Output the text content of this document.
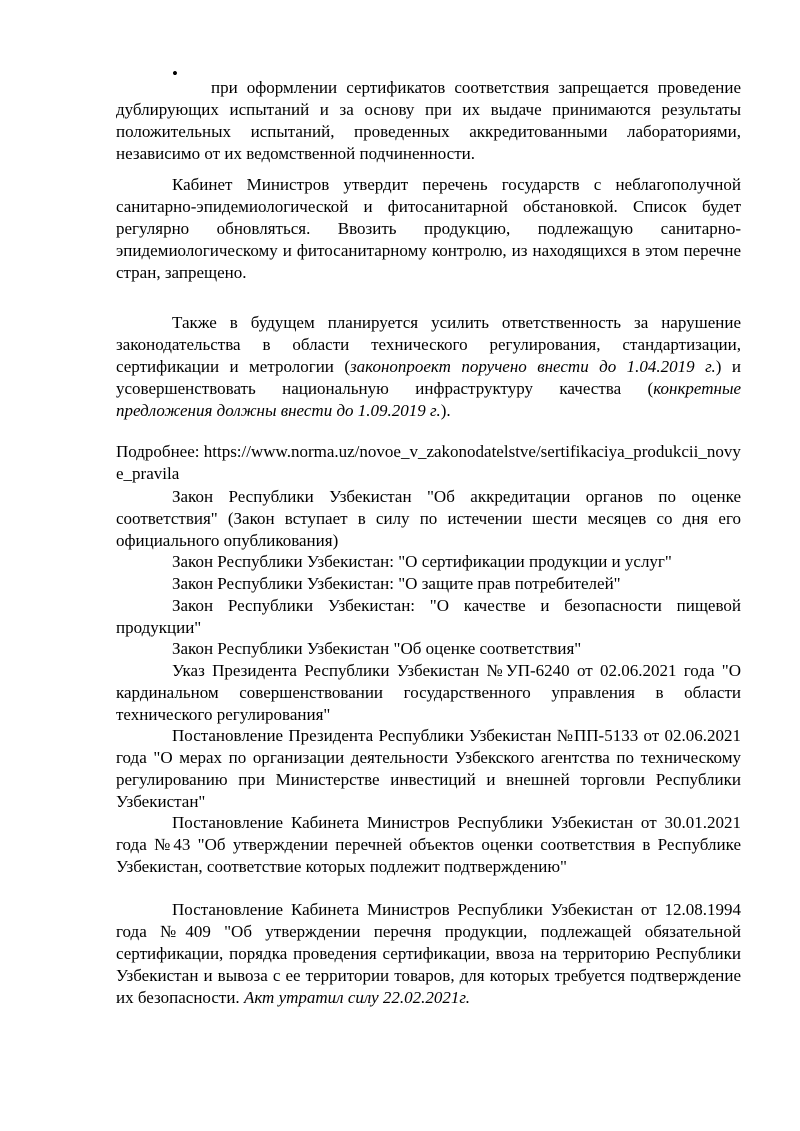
•

при оформлении сертификатов соответствия запрещается проведение дублирующих испытаний и за основу при их выдаче принимаются результаты положительных испытаний, проведенных аккредитованными лабораториями, независимо от их ведомственной подчиненности.

Кабинет Министров утвердит перечень государств с неблагополучной санитарно-эпидемиологической и фитосанитарной обстановкой. Список будет регулярно обновляться. Ввозить продукцию, подлежащую санитарно-эпидемиологическому и фитосанитарному контролю, из находящихся в этом перечне стран, запрещено.

Также в будущем планируется усилить ответственность за нарушение законодательства в области технического регулирования, стандартизации, сертификации и метрологии (законопроект поручено внести до 1.04.2019 г.) и усовершенствовать национальную инфраструктуру качества (конкретные предложения должны внести до 1.09.2019 г.).

Подробнее: https://www.norma.uz/novoe_v_zakonodatelstve/sertifikaciya_produkcii_novye_pravila

Закон Республики Узбекистан "Об аккредитации органов по оценке соответствия" (Закон вступает в силу по истечении шести месяцев со дня его официального опубликования)

Закон Республики Узбекистан: "О сертификации продукции и услуг"

Закон Республики Узбекистан: "О защите прав потребителей"

Закон Республики Узбекистан: "О качестве и безопасности пищевой продукции"

Закон Республики Узбекистан "Об оценке соответствия"

Указ Президента Республики Узбекистан №УП-6240 от 02.06.2021 года "О кардинальном совершенствовании государственного управления в области технического регулирования"

Постановление Президента Республики Узбекистан №ПП-5133 от 02.06.2021 года "О мерах по организации деятельности Узбекского агентства по техническому регулированию при Министерстве инвестиций и внешней торговли Республики Узбекистан"

Постановление Кабинета Министров Республики Узбекистан от 30.01.2021 года №43 "Об утверждении перечней объектов оценки соответствия в Республике Узбекистан, соответствие которых подлежит подтверждению"

Постановление Кабинета Министров Республики Узбекистан от 12.08.1994 года №409 "Об утверждении перечня продукции, подлежащей обязательной сертификации, порядка проведения сертификации, ввоза на территорию Республики Узбекистан и вывоза с ее территории товаров, для которых требуется подтверждение их безопасности. Акт утратил силу 22.02.2021г.
